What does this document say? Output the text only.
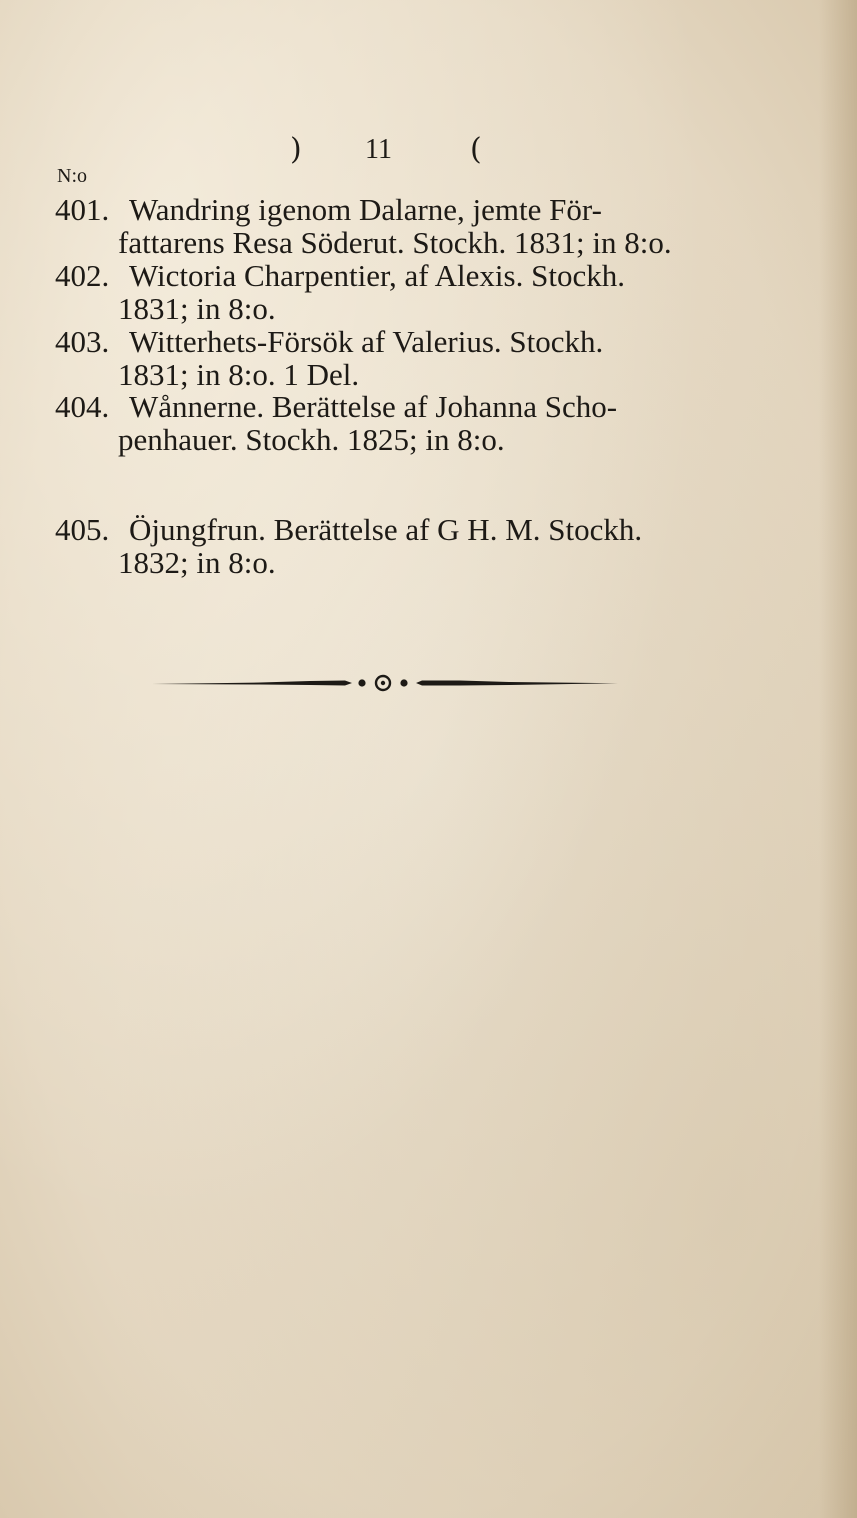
) 11	(
N:o
401. Wandring igenom Dalarne, jemte För-
fattarens Resa Söderut. Stockh. 1831; in 8:o.
402. Wictoria Charpentier, af Alexis. Stockh.
1831; in 8:o.
403. Witterhets-Försök af Valerius. Stockh.
1831; in 8:o. 1 Del.
404. Wånnerne. Berättelse af Johanna Scho-
penhauer. Stockh. 1825; in 8:o.
405. Öjungfrun. Berättelse af G H. M. Stockh.
1832; in 8:o.
